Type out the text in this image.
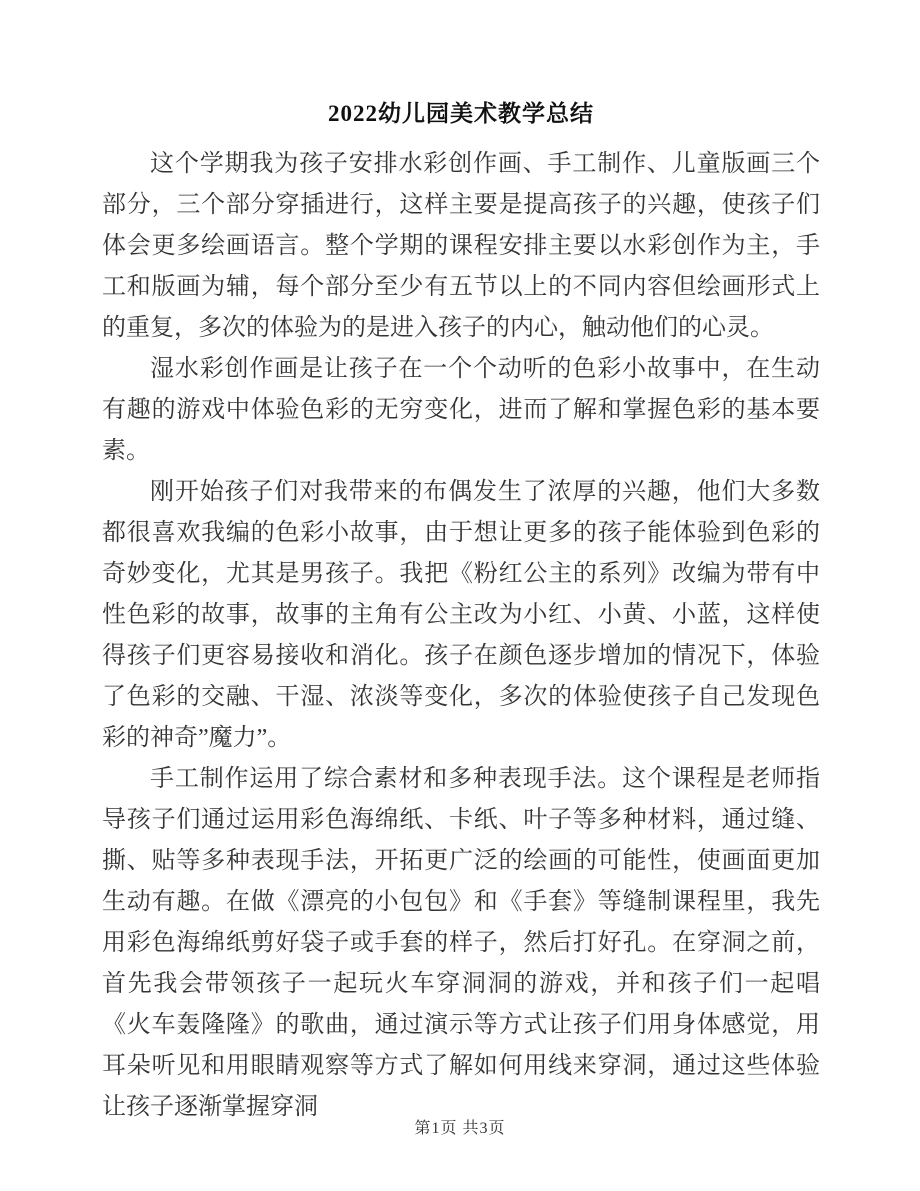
2022幼儿园美术教学总结

这个学期我为孩子安排水彩创作画、手工制作、儿童版画三个部分，三个部分穿插进行，这样主要是提高孩子的兴趣，使孩子们体会更多绘画语言。整个学期的课程安排主要以水彩创作为主，手工和版画为辅，每个部分至少有五节以上的不同内容但绘画形式上的重复，多次的体验为的是进入孩子的内心，触动他们的心灵。

湿水彩创作画是让孩子在一个个动听的色彩小故事中，在生动有趣的游戏中体验色彩的无穷变化，进而了解和掌握色彩的基本要素。

刚开始孩子们对我带来的布偶发生了浓厚的兴趣，他们大多数都很喜欢我编的色彩小故事，由于想让更多的孩子能体验到色彩的奇妙变化，尤其是男孩子。我把《粉红公主的系列》改编为带有中性色彩的故事，故事的主角有公主改为小红、小黄、小蓝，这样使得孩子们更容易接收和消化。孩子在颜色逐步增加的情况下，体验了色彩的交融、干湿、浓淡等变化，多次的体验使孩子自己发现色彩的神奇”魔力”。

手工制作运用了综合素材和多种表现手法。这个课程是老师指导孩子们通过运用彩色海绵纸、卡纸、叶子等多种材料，通过缝、撕、贴等多种表现手法，开拓更广泛的绘画的可能性，使画面更加生动有趣。在做《漂亮的小包包》和《手套》等缝制课程里，我先用彩色海绵纸剪好袋子或手套的样子，然后打好孔。在穿洞之前，首先我会带领孩子一起玩火车穿洞洞的游戏，并和孩子们一起唱《火车轰隆隆》的歌曲，通过演示等方式让孩子们用身体感觉，用耳朵听见和用眼睛观察等方式了解如何用线来穿洞，通过这些体验让孩子逐渐掌握穿洞

第1页 共3页
